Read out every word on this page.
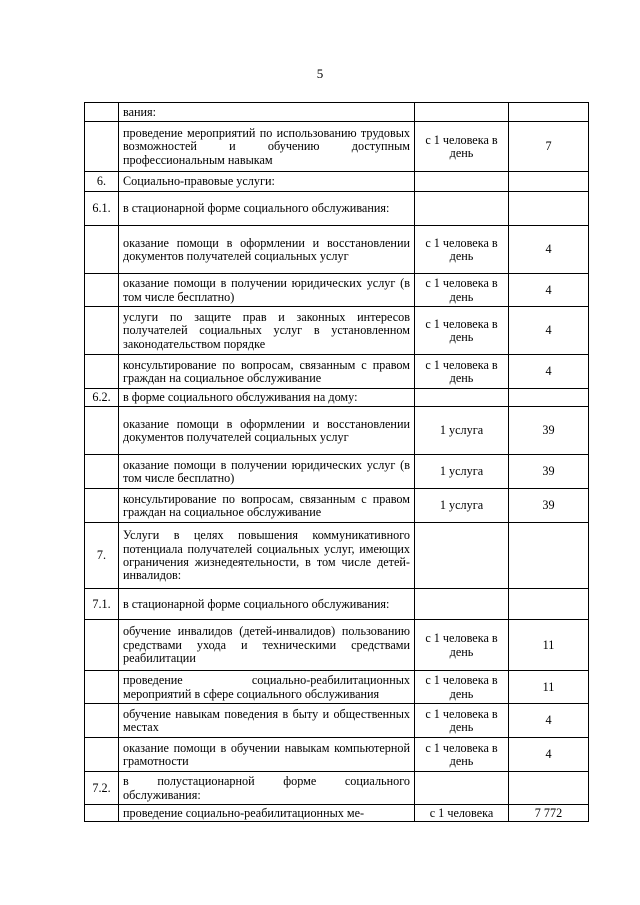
5
	вания:		
	проведение мероприятий по использованию трудовых возможностей и обучению доступным профессиональным навыкам	с 1 человека в день	7
6.	Социально-правовые услуги:		
6.1.	в стационарной форме социального обслуживания:		
	оказание помощи в оформлении и восстановлении документов получателей социальных услуг	с 1 человека в день	4
	оказание помощи в получении юридических услуг (в том числе бесплатно)	с 1 человека в день	4
	услуги по защите прав и законных интересов получателей социальных услуг в установленном законодательством порядке	с 1 человека в день	4
	консультирование по вопросам, связанным с правом граждан на социальное обслуживание	с 1 человека в день	4
6.2.	в форме социального обслуживания на дому:		
	оказание помощи в оформлении и восстановлении документов получателей социальных услуг	1 услуга	39
	оказание помощи в получении юридических услуг (в том числе бесплатно)	1 услуга	39
	консультирование по вопросам, связанным с правом граждан на социальное обслуживание	1 услуга	39
7.	Услуги в целях повышения коммуникативного потенциала получателей социальных услуг, имеющих ограничения жизнедеятельности, в том числе детей-инвалидов:		
7.1.	в стационарной форме социального обслуживания:		
	обучение инвалидов (детей-инвалидов) пользованию средствами ухода и техническими средствами реабилитации	с 1 человека в день	11
	проведение социально-реабилитационных мероприятий в сфере социального обслуживания	с 1 человека в день	11
	обучение навыкам поведения в быту и общественных местах	с 1 человека в день	4
	оказание помощи в обучении навыкам компьютерной грамотности	с 1 человека в день	4
7.2.	в полустационарной форме социального обслуживания:		
	проведение социально-реабилитационных ме-	с 1 человека	7 772
